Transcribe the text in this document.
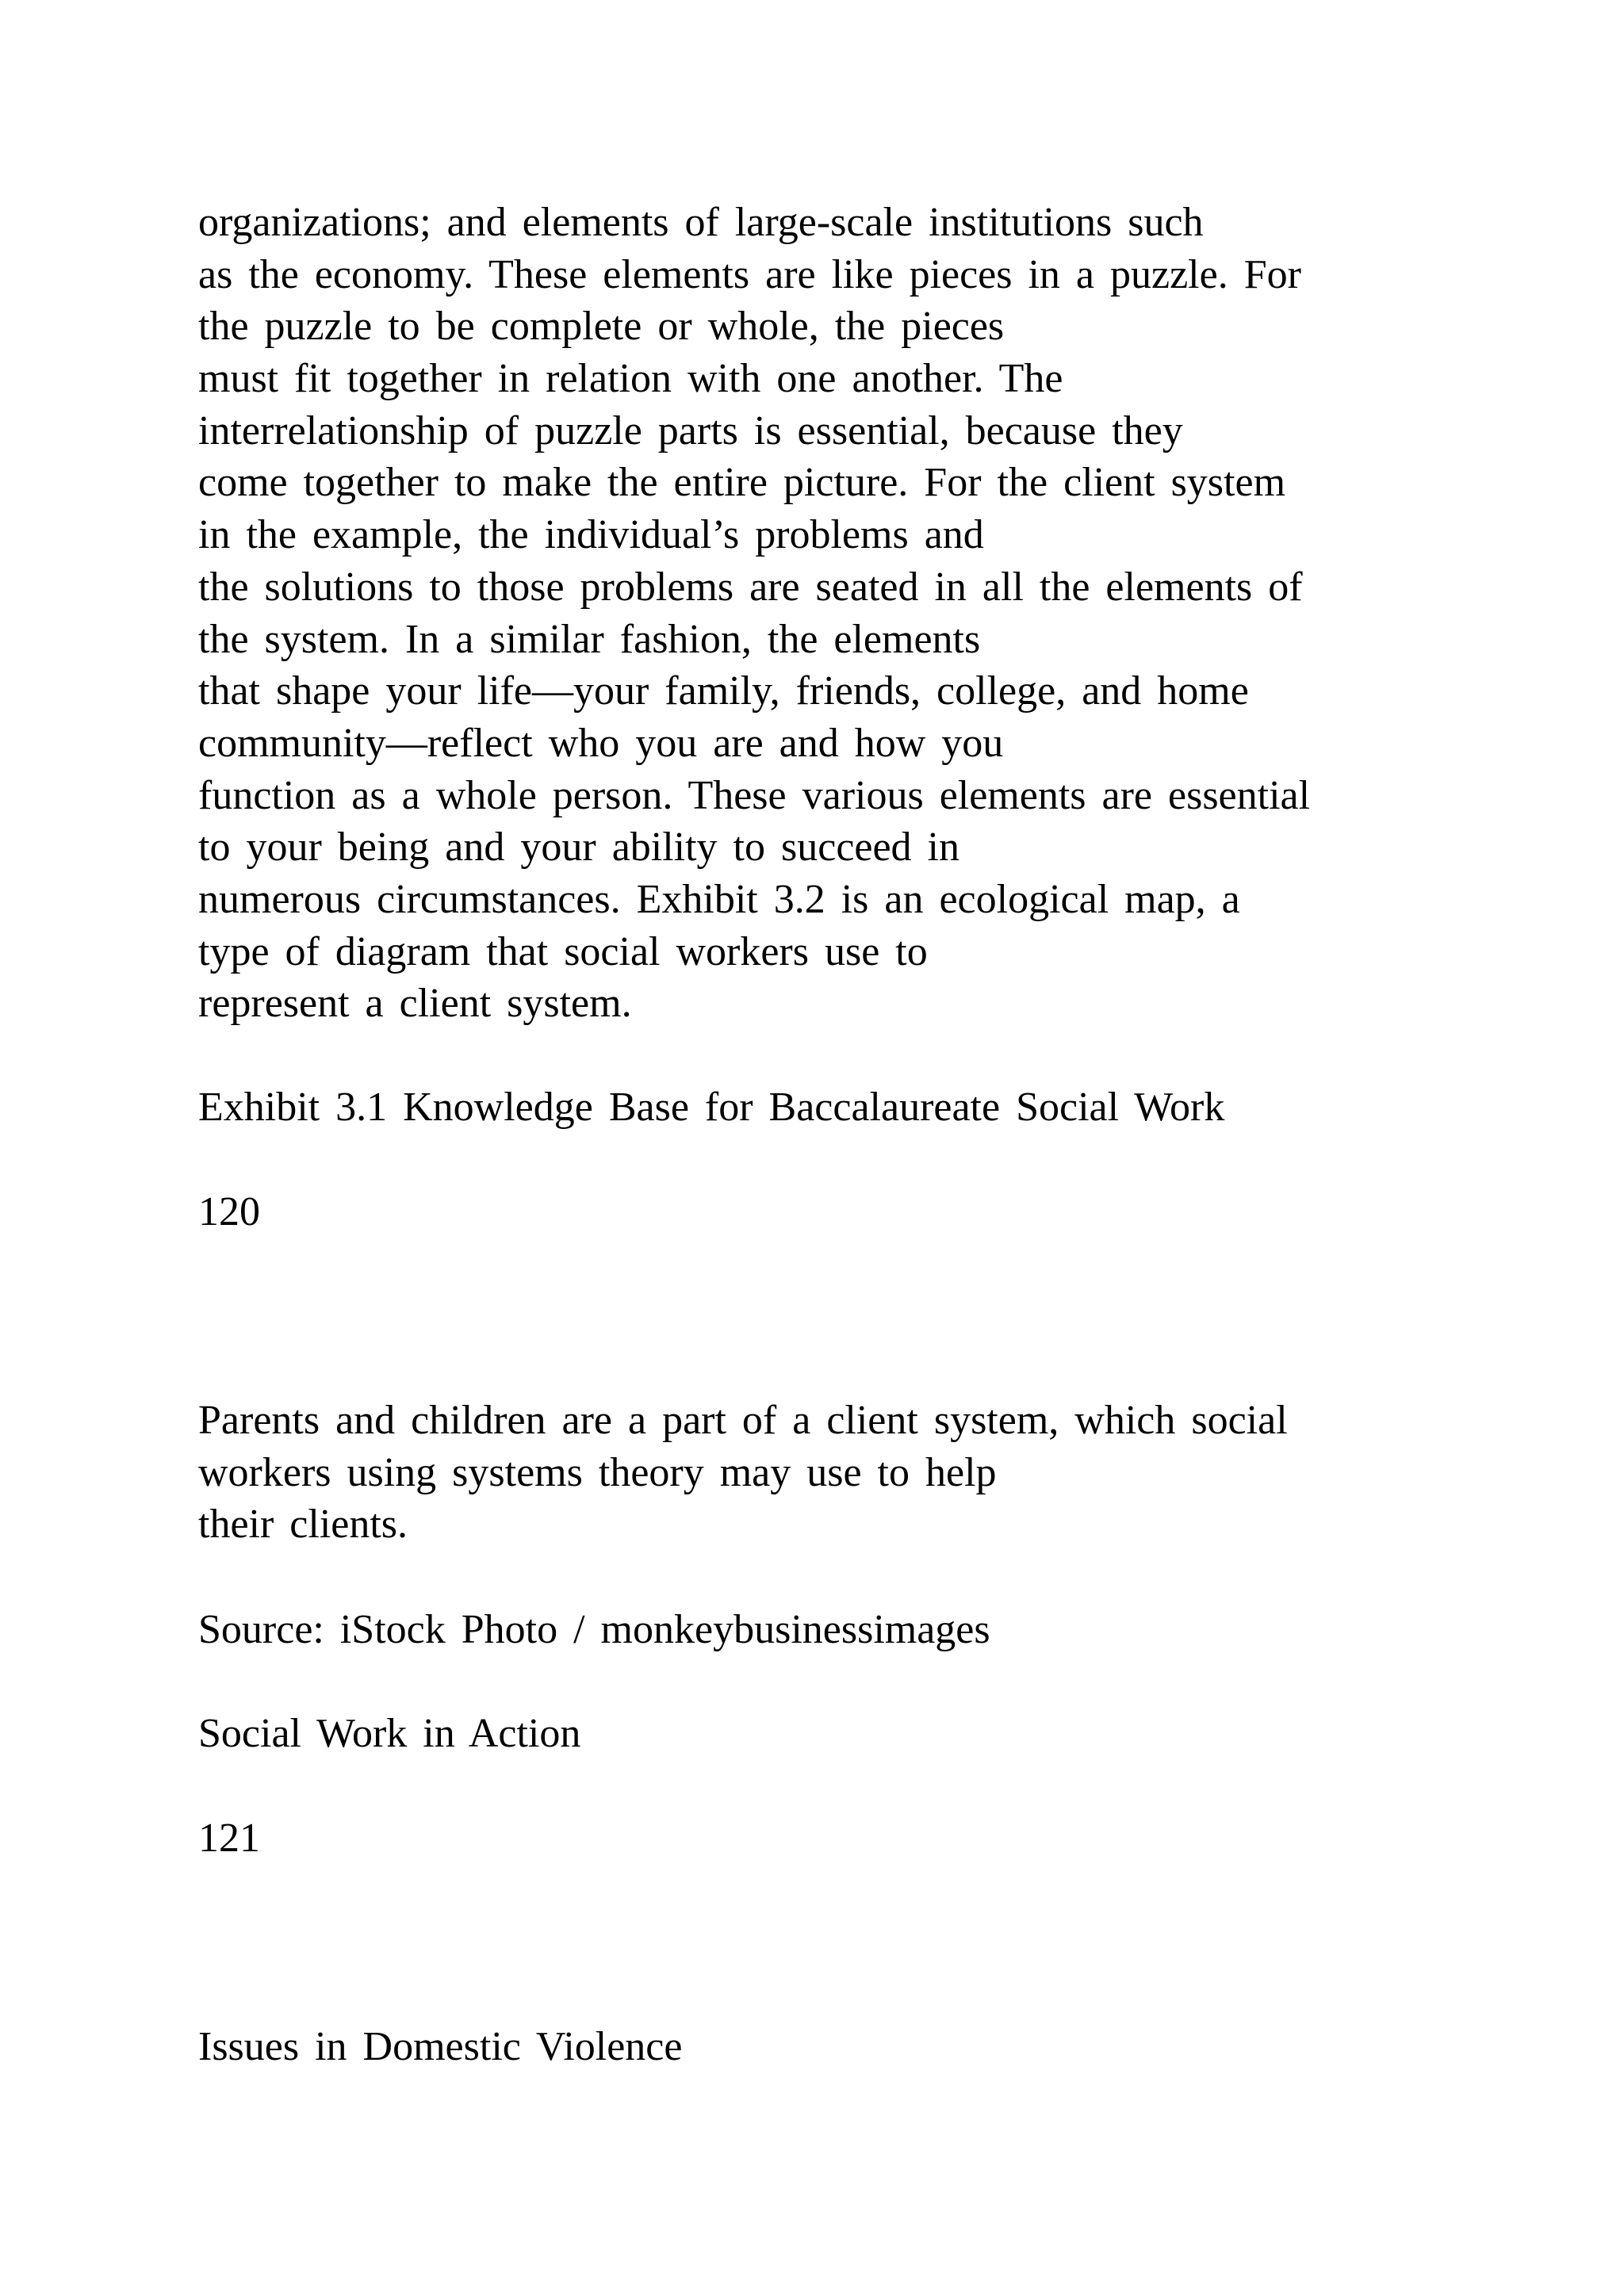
organizations; and elements of large-scale institutions such
as the economy. These elements are like pieces in a puzzle. For
the puzzle to be complete or whole, the pieces
must fit together in relation with one another. The
interrelationship of puzzle parts is essential, because they
come together to make the entire picture. For the client system
in the example, the individual’s problems and
the solutions to those problems are seated in all the elements of
the system. In a similar fashion, the elements
that shape your life—your family, friends, college, and home
community—reflect who you are and how you
function as a whole person. These various elements are essential
to your being and your ability to succeed in
numerous circumstances. Exhibit 3.2 is an ecological map, a
type of diagram that social workers use to
represent a client system.
Exhibit 3.1 Knowledge Base for Baccalaureate Social Work
120
Parents and children are a part of a client system, which social
workers using systems theory may use to help
their clients.
Source: iStock Photo / monkeybusinessimages
Social Work in Action
121
Issues in Domestic Violence
